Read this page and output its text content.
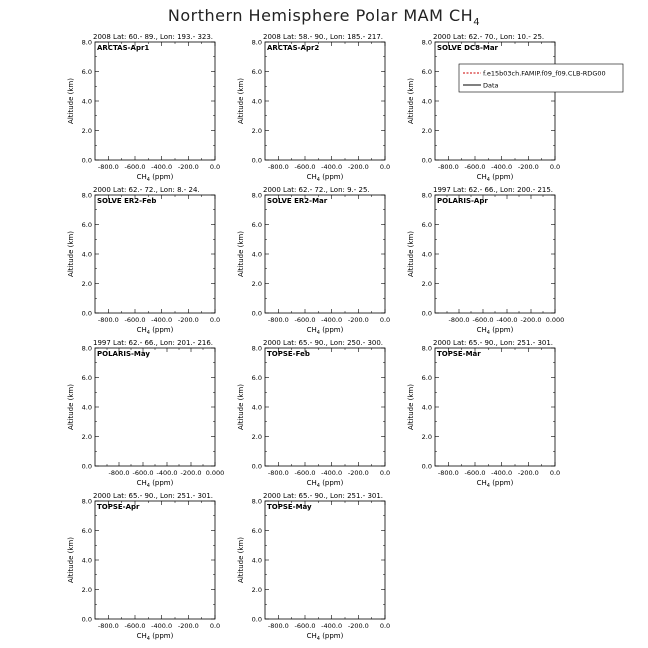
Northern Hemisphere Polar MAM $CH_4$
2008 Lat: 60.- 89., Lon: 193.- 323.
ARCTAS-Apr1
0.0
2.0
4.0
6.0
8.0
-800.0 -600.0 -400.0 -200.0 0.0
$CH_4$ (ppm)
Altitude (km)
2008 Lat: 58.- 90., Lon: 185.- 217.
ARCTAS-Apr2
0.0
2.0
4.0
6.0
8.0
-800.0 -600.0 -400.0 -200.0 0.0
$CH_4$ (ppm)
Altitude (km)
2000 Lat: 62.- 70., Lon: 10.- 25.
SOLVE DC8-Mar
0.0
2.0
4.0
6.0
8.0
-800.0 -600.0 -400.0 -200.0 0.0
$CH_4$ (ppm)
Altitude (km)
f.e15b03ch.FAMIP.f09_f09.CLB-RDG00
Data
2000 Lat: 62.- 72., Lon: 8.- 24.
SOLVE ER2-Feb
0.0
2.0
4.0
6.0
8.0
-800.0 -600.0 -400.0 -200.0 0.0
$CH_4$ (ppm)
Altitude (km)
2000 Lat: 62.- 72., Lon: 9.- 25.
SOLVE ER2-Mar
0.0
2.0
4.0
6.0
8.0
-800.0 -600.0 -400.0 -200.0 0.0
$CH_4$ (ppm)
Altitude (km)
1997 Lat: 62.- 66., Lon: 200.- 215.
POLARIS-Apr
0.0
2.0
4.0
6.0
8.0
-800.0 -600.0 -400.0 -200.0 0.000
$CH_4$ (ppm)
Altitude (km)
1997 Lat: 62.- 66., Lon: 201.- 216.
POLARIS-May
0.0
2.0
4.0
6.0
8.0
-800.0 -600.0 -400.0 -200.0 0.000
$CH_4$ (ppm)
Altitude (km)
2000 Lat: 65.- 90., Lon: 250.- 300.
TOPSE-Feb
0.0
2.0
4.0
6.0
8.0
-800.0 -600.0 -400.0 -200.0 0.0
$CH_4$ (ppm)
Altitude (km)
2000 Lat: 65.- 90., Lon: 251.- 301.
TOPSE-Mar
0.0
2.0
4.0
6.0
8.0
-800.0 -600.0 -400.0 -200.0 0.0
$CH_4$ (ppm)
Altitude (km)
2000 Lat: 65.- 90., Lon: 251.- 301.
TOPSE-Apr
0.0
2.0
4.0
6.0
8.0
-800.0 -600.0 -400.0 -200.0 0.0
$CH_4$ (ppm)
Altitude (km)
2000 Lat: 65.- 90., Lon: 251.- 301.
TOPSE-May
0.0
2.0
4.0
6.0
8.0
-800.0 -600.0 -400.0 -200.0 0.0
$CH_4$ (ppm)
Altitude (km)
